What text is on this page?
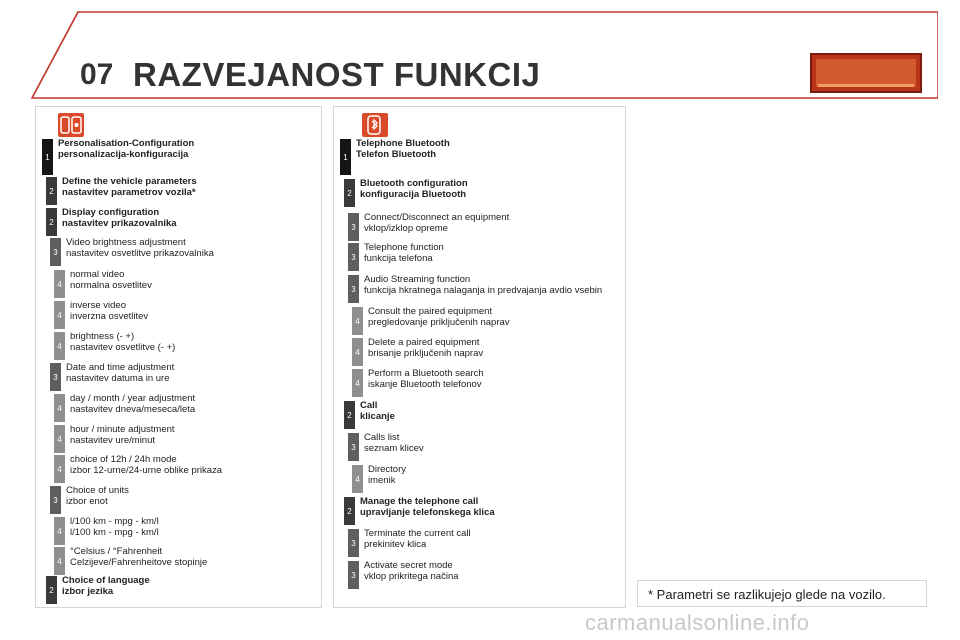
07 RAZVEJANOST FUNKCIJ
1
Personalisation-Configuration
personalizacija-konfiguracija
2
Define the vehicle parameters
nastavitev parametrov vozila*
2
Display configuration
nastavitev prikazovalnika
3
Video brightness adjustment
nastavitev osvetlitve prikazovalnika
4
normal video
normalna osvetlitev
4
inverse video
inverzna osvetlitev
4
brightness (- +)
nastavitev osvetlitve (- +)
3
Date and time adjustment
nastavitev datuma in ure
4
day / month / year adjustment
nastavitev dneva/meseca/leta
4
hour / minute adjustment
nastavitev ure/minut
4
choice of 12h / 24h mode
izbor 12-urne/24-urne oblike prikaza
3
Choice of units
izbor enot
4
l/100 km - mpg - km/l
l/100 km - mpg - km/l
4
°Celsius / °Fahrenheit
Celzijeve/Fahrenheitove stopinje
2
Choice of language
izbor jezika
1
Telephone Bluetooth
Telefon Bluetooth
2
Bluetooth configuration
konfiguracija Bluetooth
3
Connect/Disconnect an equipment
vklop/izklop opreme
3
Telephone function
funkcija telefona
3
Audio Streaming function
funkcija hkratnega nalaganja in predvajanja avdio vsebin
4
Consult the paired equipment
pregledovanje priključenih naprav
4
Delete a paired equipment
brisanje priključenih naprav
4
Perform a Bluetooth search
iskanje Bluetooth telefonov
2
Call
klicanje
3
Calls list
seznam klicev
4
Directory
imenik
2
Manage the telephone call
upravljanje telefonskega klica
3
Terminate the current call
prekinitev klica
3
Activate secret mode
vklop prikritega načina
* Parametri se razlikujejo glede na vozilo.
carmanualsonline.info
